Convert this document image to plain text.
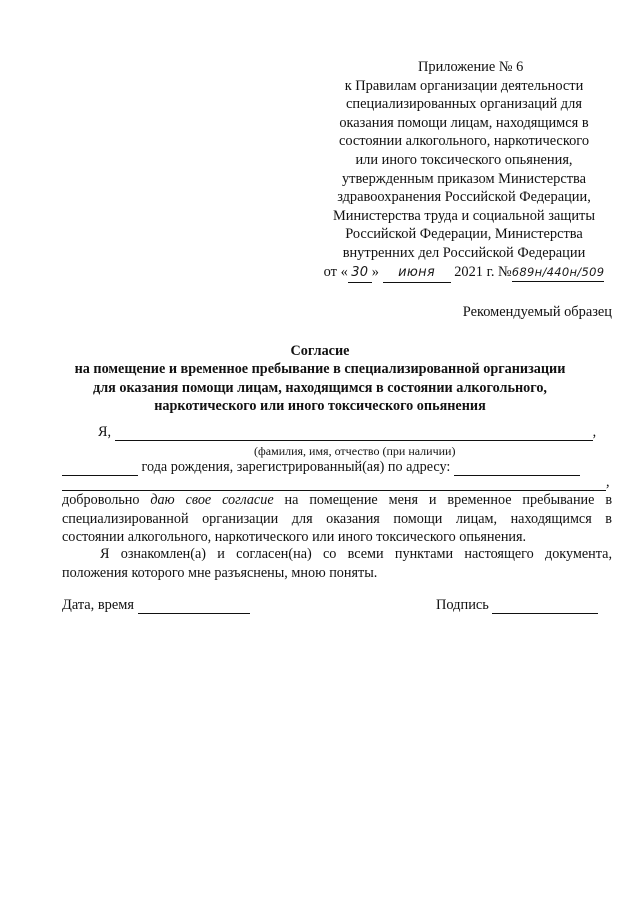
Приложение № 6
к Правилам организации деятельности
специализированных организаций для
оказания помощи лицам, находящимся в
состоянии алкогольного, наркотического
или иного токсического опьянения,
утвержденным приказом Министерства
здравоохранения Российской Федерации,
Министерства труда и социальной защиты
Российской Федерации, Министерства
внутренних дел Российской Федерации
от « 30 » июня 2021 г. №689н/440н/509
Рекомендуемый образец
Согласие
на помещение и временное пребывание в специализированной организации
для оказания помощи лицам, находящимся в состоянии алкогольного,
наркотического или иного токсического опьянения
Я,	,
(фамилия, имя, отчество (при наличии)
года рождения, зарегистрированный(ая) по адресу:
,
добровольно даю свое согласие на помещение меня и временное пребывание в
специализированной организации для оказания помощи лицам, находящимся в
состоянии алкогольного, наркотического или иного токсического опьянения.
Я ознакомлен(а) и согласен(на) со всеми пунктами настоящего документа,
положения которого мне разъяснены, мною поняты.
Дата, время	Подпись
